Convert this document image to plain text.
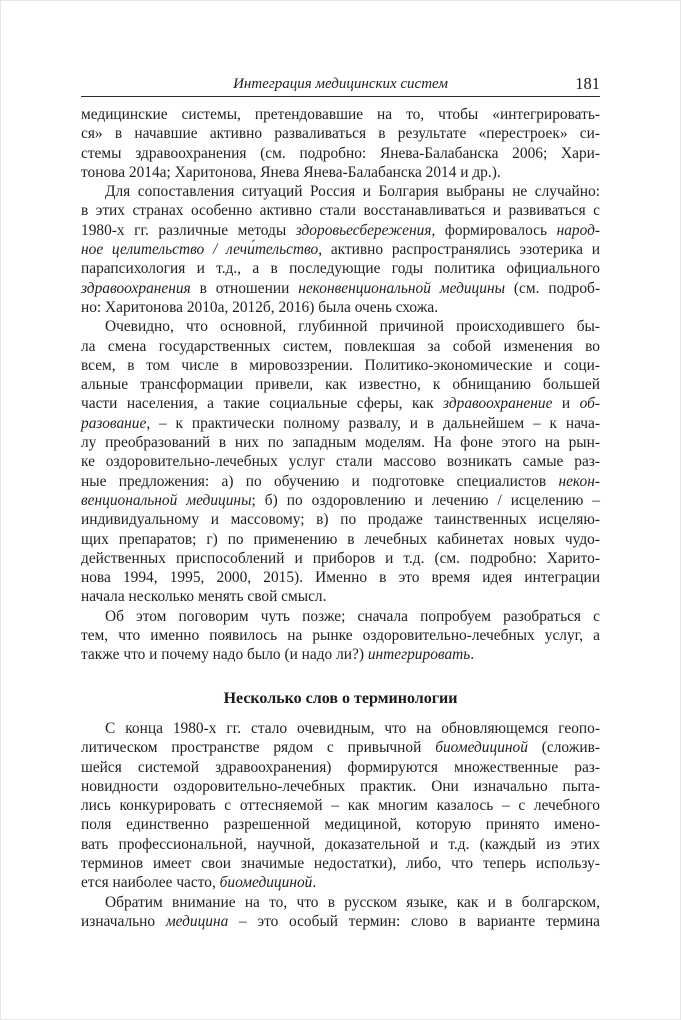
Интеграция медицинских систем	181
медицинские системы, претендовавшие на то, чтобы «интегрировать-
ся» в начавшие активно разваливаться в результате «перестроек» си-
стемы здравоохранения (см. подробно: Янева-Балабанска 2006; Хари-
тонова 2014а; Харитонова, Янева Янева-Балабанска 2014 и др.).
Для сопоставления ситуаций Россия и Болгария выбраны не случайно:
в этих странах особенно активно стали восстанавливаться и развиваться с
1980-х гг. различные методы здоровьесбережения, формировалось народ-
ное целительство / лечи́тельство, активно распространялись эзотерика и
парапсихология и т.д., а в последующие годы политика официального
здравоохранения в отношении неконвенциональной медицины (см. подроб-
но: Харитонова 2010а, 2012б, 2016) была очень схожа.
Очевидно, что основной, глубинной причиной происходившего бы-
ла смена государственных систем, повлекшая за собой изменения во
всем, в том числе в мировоззрении. Политико-экономические и соци-
альные трансформации привели, как известно, к обнищанию большей
части населения, а такие социальные сферы, как здравоохранение и об-
разование, – к практически полному развалу, и в дальнейшем – к нача-
лу преобразований в них по западным моделям. На фоне этого на рын-
ке оздоровительно-лечебных услуг стали массово возникать самые раз-
ные предложения: а) по обучению и подготовке специалистов некон-
венциональной медицины; б) по оздоровлению и лечению / исцелению –
индивидуальному и массовому; в) по продаже таинственных исцеляю-
щих препаратов; г) по применению в лечебных кабинетах новых чудо-
действенных приспособлений и приборов и т.д. (см. подробно: Харито-
нова 1994, 1995, 2000, 2015). Именно в это время идея интеграции
начала несколько менять свой смысл.
Об этом поговорим чуть позже; сначала попробуем разобраться с
тем, что именно появилось на рынке оздоровительно-лечебных услуг, а
также что и почему надо было (и надо ли?) интегрировать.
Несколько слов о терминологии
С конца 1980-х гг. стало очевидным, что на обновляющемся геопо-
литическом пространстве рядом с привычной биомедициной (сложив-
шейся системой здравоохранения) формируются множественные раз-
новидности оздоровительно-лечебных практик. Они изначально пыта-
лись конкурировать с оттесняемой – как многим казалось – с лечебного
поля единственно разрешенной медициной, которую принято имено-
вать профессиональной, научной, доказательной и т.д. (каждый из этих
терминов имеет свои значимые недостатки), либо, что теперь использу-
ется наиболее часто, биомедициной.
Обратим внимание на то, что в русском языке, как и в болгарском,
изначально медицина – это особый термин: слово в варианте термина
